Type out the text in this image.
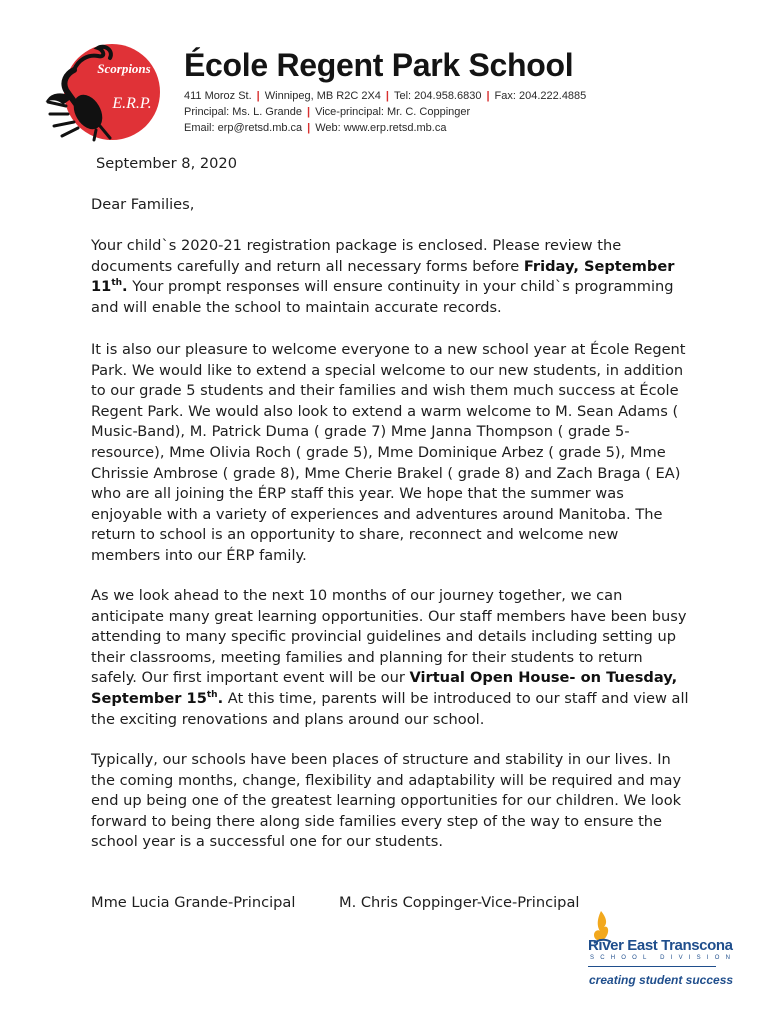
Scorpions
E.R.P.
École Regent Park School
411 Moroz St. | Winnipeg, MB R2C 2X4 | Tel: 204.958.6830 | Fax: 204.222.4885
Principal: Ms. L. Grande | Vice-principal: Mr. C. Coppinger
Email: erp@retsd.mb.ca | Web: www.erp.retsd.mb.ca
September 8, 2020
Dear Families,

Your child`s 2020-21 registration package is enclosed. Please review the documents carefully and return all necessary forms before Friday, September 11th. Your prompt responses will ensure continuity in your child`s programming and will enable the school to maintain accurate records.

It is also our pleasure to welcome everyone to a new school year at École Regent Park. We would like to extend a special welcome to our new students, in addition to our grade 5 students and their families and wish them much success at École Regent Park. We would also look to extend a warm welcome to M. Sean Adams ( Music-Band), M. Patrick Duma ( grade 7) Mme Janna Thompson ( grade 5-resource), Mme Olivia Roch ( grade 5), Mme Dominique Arbez ( grade 5), Mme Chrissie Ambrose ( grade 8), Mme Cherie Brakel ( grade 8) and Zach Braga ( EA) who are all joining the ÉRP staff this year. We hope that the summer was enjoyable with a variety of experiences and adventures around Manitoba. The return to school is an opportunity to share, reconnect and welcome new members into our ÉRP family.

As we look ahead to the next 10 months of our journey together, we can anticipate many great learning opportunities. Our staff members have been busy attending to many specific provincial guidelines and details including setting up their classrooms, meeting families and planning for their students to return safely. Our first important event will be our Virtual Open House- on Tuesday, September 15th. At this time, parents will be introduced to our staff and view all the exciting renovations and plans around our school.

Typically, our schools have been places of structure and stability in our lives. In the coming months, change, flexibility and adaptability will be required and may end up being one of the greatest learning opportunities for our children. We look forward to being there along side families every step of the way to ensure the school year is a successful one for our students.

Mme Lucia Grande-Principal	M. Chris Coppinger-Vice-Principal
River East Transcona
SCHOOL DIVISION
creating student success
